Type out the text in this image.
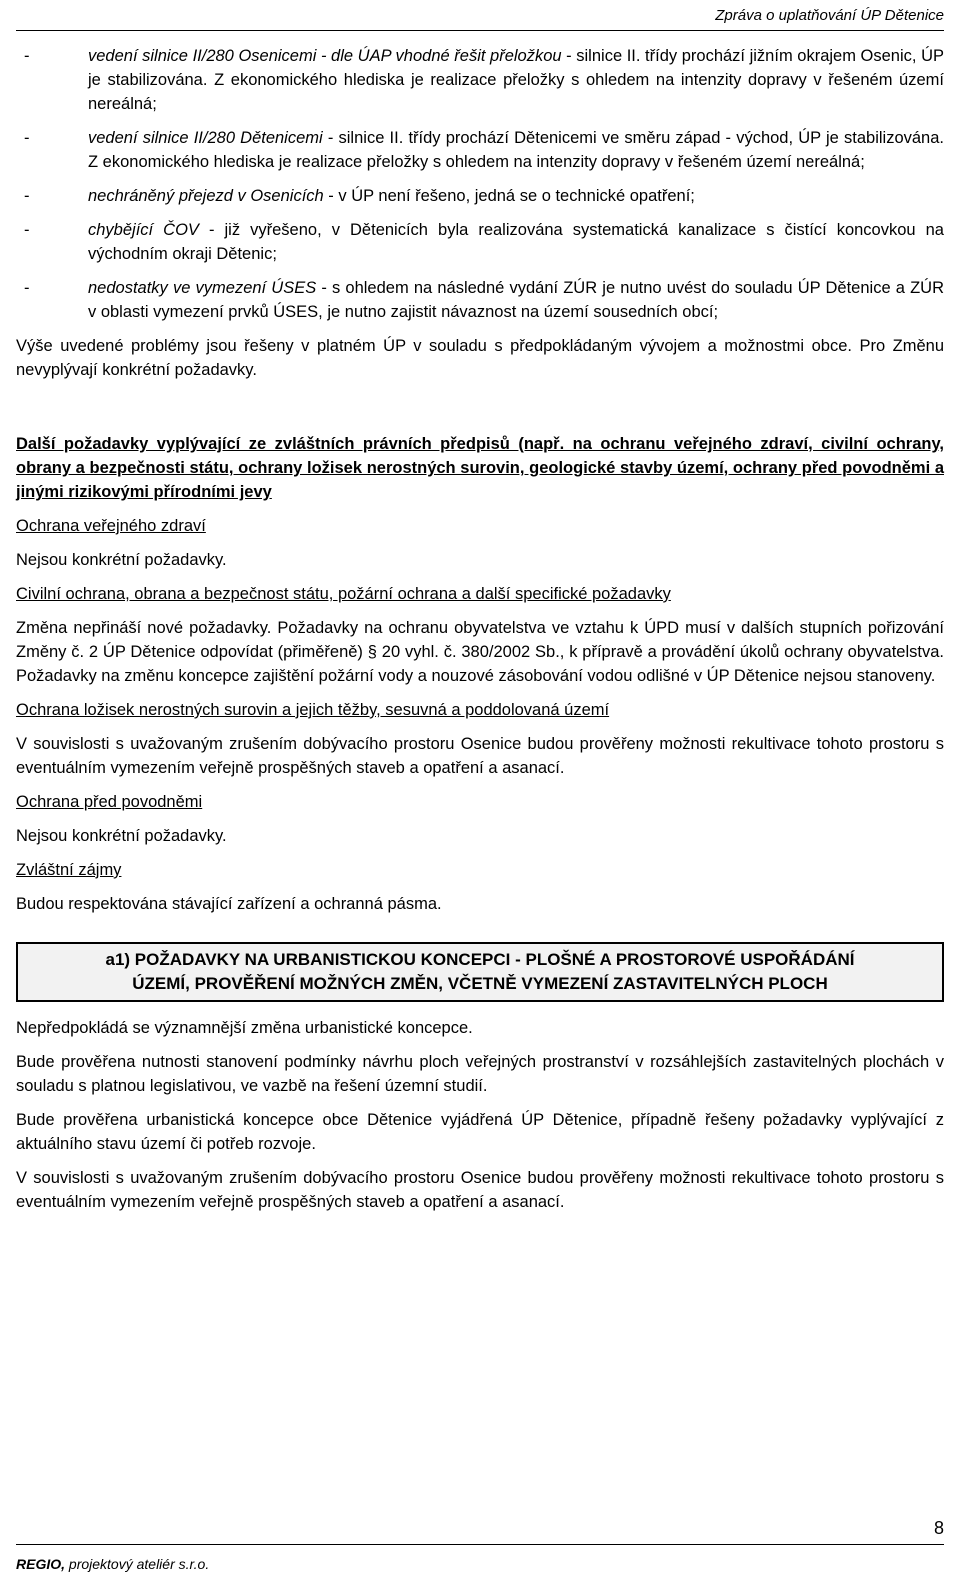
Zpráva o uplatňování ÚP Dětenice
-	vedení silnice II/280 Osenicemi - dle ÚAP vhodné řešit přeložkou - silnice II. třídy prochází jižním okrajem Osenic, ÚP je stabilizována. Z ekonomického hlediska je realizace přeložky s ohledem na intenzity dopravy v řešeném území nereálná;
-	vedení silnice II/280 Dětenicemi - silnice II. třídy prochází Dětenicemi ve směru západ - východ, ÚP je stabilizována. Z ekonomického hlediska je realizace přeložky s ohledem na intenzity dopravy v řešeném území nereálná;
-	nechráněný přejezd v Osenicích - v ÚP není řešeno, jedná se o technické opatření;
-	chybějící ČOV - již vyřešeno, v Dětenicích byla realizována systematická kanalizace s čistící koncovkou na východním okraji Dětenic;
-	nedostatky ve vymezení ÚSES - s ohledem na následné vydání ZÚR je nutno uvést do souladu ÚP Dětenice a ZÚR v oblasti vymezení prvků ÚSES, je nutno zajistit návaznost na území sousedních obcí;

Výše uvedené problémy jsou řešeny v platném ÚP v souladu s předpokládaným vývojem a možnostmi obce. Pro Změnu nevyplývají konkrétní požadavky.

Další požadavky vyplývající ze zvláštních právních předpisů (např. na ochranu veřejného zdraví, civilní ochrany, obrany a bezpečnosti státu, ochrany ložisek nerostných surovin, geologické stavby území, ochrany před povodněmi a jinými rizikovými přírodními jevy

Ochrana veřejného zdraví

Nejsou konkrétní požadavky.

Civilní ochrana, obrana a bezpečnost státu, požární ochrana a další specifické požadavky

Změna nepřináší nové požadavky. Požadavky na ochranu obyvatelstva ve vztahu k ÚPD musí v dalších stupních pořizování Změny č. 2 ÚP Dětenice odpovídat (přiměřeně) § 20 vyhl. č. 380/2002 Sb., k přípravě a provádění úkolů ochrany obyvatelstva. Požadavky na změnu koncepce zajištění požární vody a nouzové zásobování vodou odlišné v ÚP Dětenice nejsou stanoveny.

Ochrana ložisek nerostných surovin a jejich těžby, sesuvná a poddolovaná území

V souvislosti s uvažovaným zrušením dobývacího prostoru Osenice budou prověřeny možnosti rekultivace tohoto prostoru s eventuálním vymezením veřejně prospěšných staveb a opatření a asanací.

Ochrana před povodněmi

Nejsou konkrétní požadavky.

Zvláštní zájmy

Budou respektována stávající zařízení a ochranná pásma.

a1) POŽADAVKY NA URBANISTICKOU KONCEPCI - PLOŠNÉ A PROSTOROVÉ USPOŘÁDÁNÍ
ÚZEMÍ, PROVĚŘENÍ MOŽNÝCH ZMĚN, VČETNĚ VYMEZENÍ ZASTAVITELNÝCH PLOCH

Nepředpokládá se významnější změna urbanistické koncepce.

Bude prověřena nutnosti stanovení podmínky návrhu ploch veřejných prostranství v rozsáhlejších zastavitelných plochách v souladu s platnou legislativou, ve vazbě na řešení územní studií.

Bude prověřena urbanistická koncepce obce Dětenice vyjádřená ÚP Dětenice, případně řešeny požadavky vyplývající z aktuálního stavu území či potřeb rozvoje.

V souvislosti s uvažovaným zrušením dobývacího prostoru Osenice budou prověřeny možnosti rekultivace tohoto prostoru s eventuálním vymezením veřejně prospěšných staveb a opatření a asanací.

8
REGIO, projektový ateliér s.r.o.
